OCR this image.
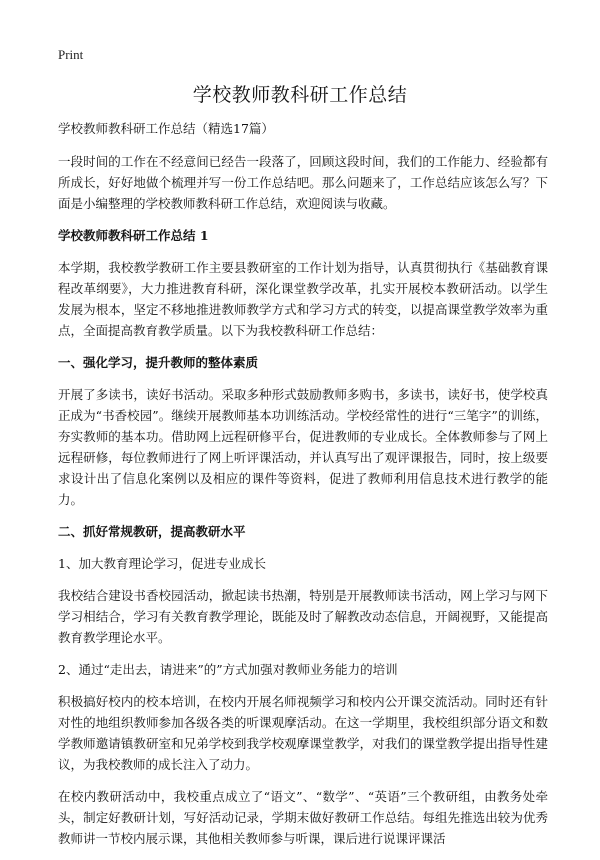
Print
学校教师教科研工作总结

学校教师教科研工作总结（精选17篇）

一段时间的工作在不经意间已经告一段落了，回顾这段时间，我们的工作能力、经验都有所成长，好好地做个梳理并写一份工作总结吧。那么问题来了，工作总结应该怎么写？下面是小编整理的学校教师教科研工作总结，欢迎阅读与收藏。

学校教师教科研工作总结 1

本学期，我校教学教研工作主要县教研室的工作计划为指导，认真贯彻执行《基础教育课程改革纲要》，大力推进教育科研，深化课堂教学改革，扎实开展校本教研活动。以学生发展为根本，坚定不移地推进教师教学方式和学习方式的转变，以提高课堂教学效率为重点，全面提高教育教学质量。以下为我校教科研工作总结：

一、强化学习，提升教师的整体素质

开展了多读书，读好书活动。采取多种形式鼓励教师多购书，多读书，读好书，使学校真正成为“书香校园”。继续开展教师基本功训练活动。学校经常性的进行“三笔字”的训练，夯实教师的基本功。借助网上远程研修平台，促进教师的专业成长。全体教师参与了网上远程研修，每位教师进行了网上听评课活动，并认真写出了观评课报告，同时，按上级要求设计出了信息化案例以及相应的课件等资料，促进了教师利用信息技术进行教学的能力。

二、抓好常规教研，提高教研水平

1、加大教育理论学习，促进专业成长

我校结合建设书香校园活动，掀起读书热潮，特别是开展教师读书活动，网上学习与网下学习相结合，学习有关教育教学理论，既能及时了解教改动态信息，开阔视野，又能提高教育教学理论水平。

2、通过“走出去，请进来”的”方式加强对教师业务能力的培训

积极搞好校内的校本培训，在校内开展名师视频学习和校内公开课交流活动。同时还有针对性的地组织教师参加各级各类的听课观摩活动。在这一学期里，我校组织部分语文和数学教师邀请镇教研室和兄弟学校到我学校观摩课堂教学，对我们的课堂教学提出指导性建议，为我校教师的成长注入了动力。

在校内教研活动中，我校重点成立了“语文”、“数学”、“英语”三个教研组，由教务处牵头，制定好教研计划，写好活动记录，学期末做好教研工作总结。每组先推选出较为优秀教师讲一节校内展示课，其他相关教师参与听课，课后进行说课评课活
